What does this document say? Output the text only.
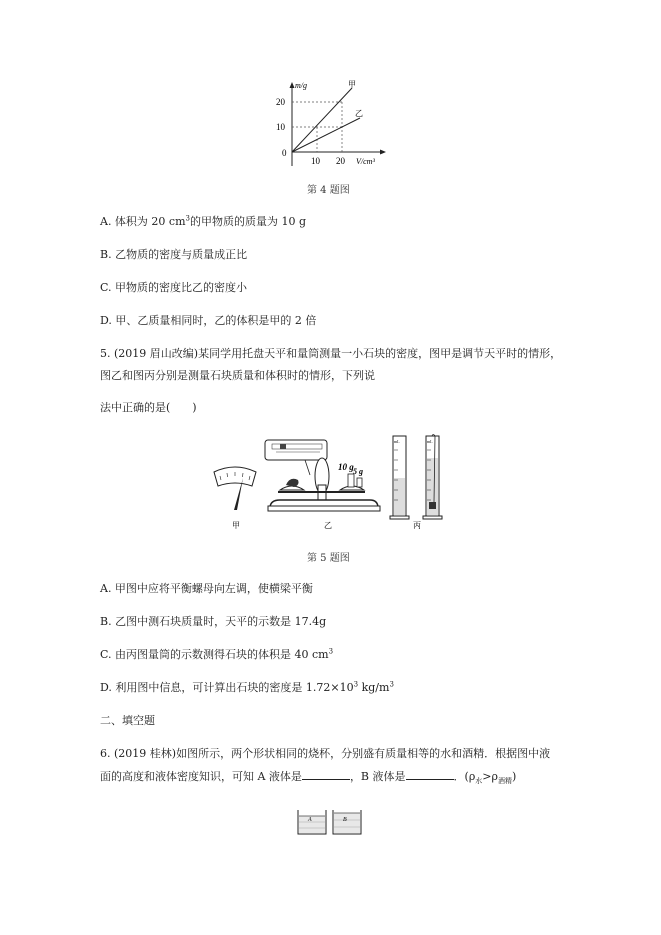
m/g
V/cm³
20
10
0
10 20
甲
乙
第 4 题图
A. 体积为 20 $cm^3$的甲物质的质量为 10 g
B. 乙物质的密度与质量成正比
C. 甲物质的密度比乙的密度小
D. 甲、乙质量相同时，乙的体积是甲的 2 倍
5. (2019 眉山改编)某同学用托盘天平和量筒测量一小石块的密度，图甲是调节天平时的情形，
图乙和图丙分别是测量石块质量和体积时的情形，下列说
法中正确的是(　　)
10 g 5 g
mL	mL
甲	乙	丙
第 5 题图
A. 甲图中应将平衡螺母向左调，使横梁平衡
B. 乙图中测石块质量时，天平的示数是 17.4g
C. 由丙图量筒的示数测得石块的体积是 40 $cm^3$
D. 利用图中信息，可计算出石块的密度是 $1.72\times 10^3$ $kg/m^3$
二、填空题
6. (2019 桂林)如图所示，两个形状相同的烧杯，分别盛有质量相等的水和酒精．根据图中液
面的高度和液体密度知识，可知 A 液体是	，B 液体是	．$(\rho_水>\rho_{酒精})$
A	B
